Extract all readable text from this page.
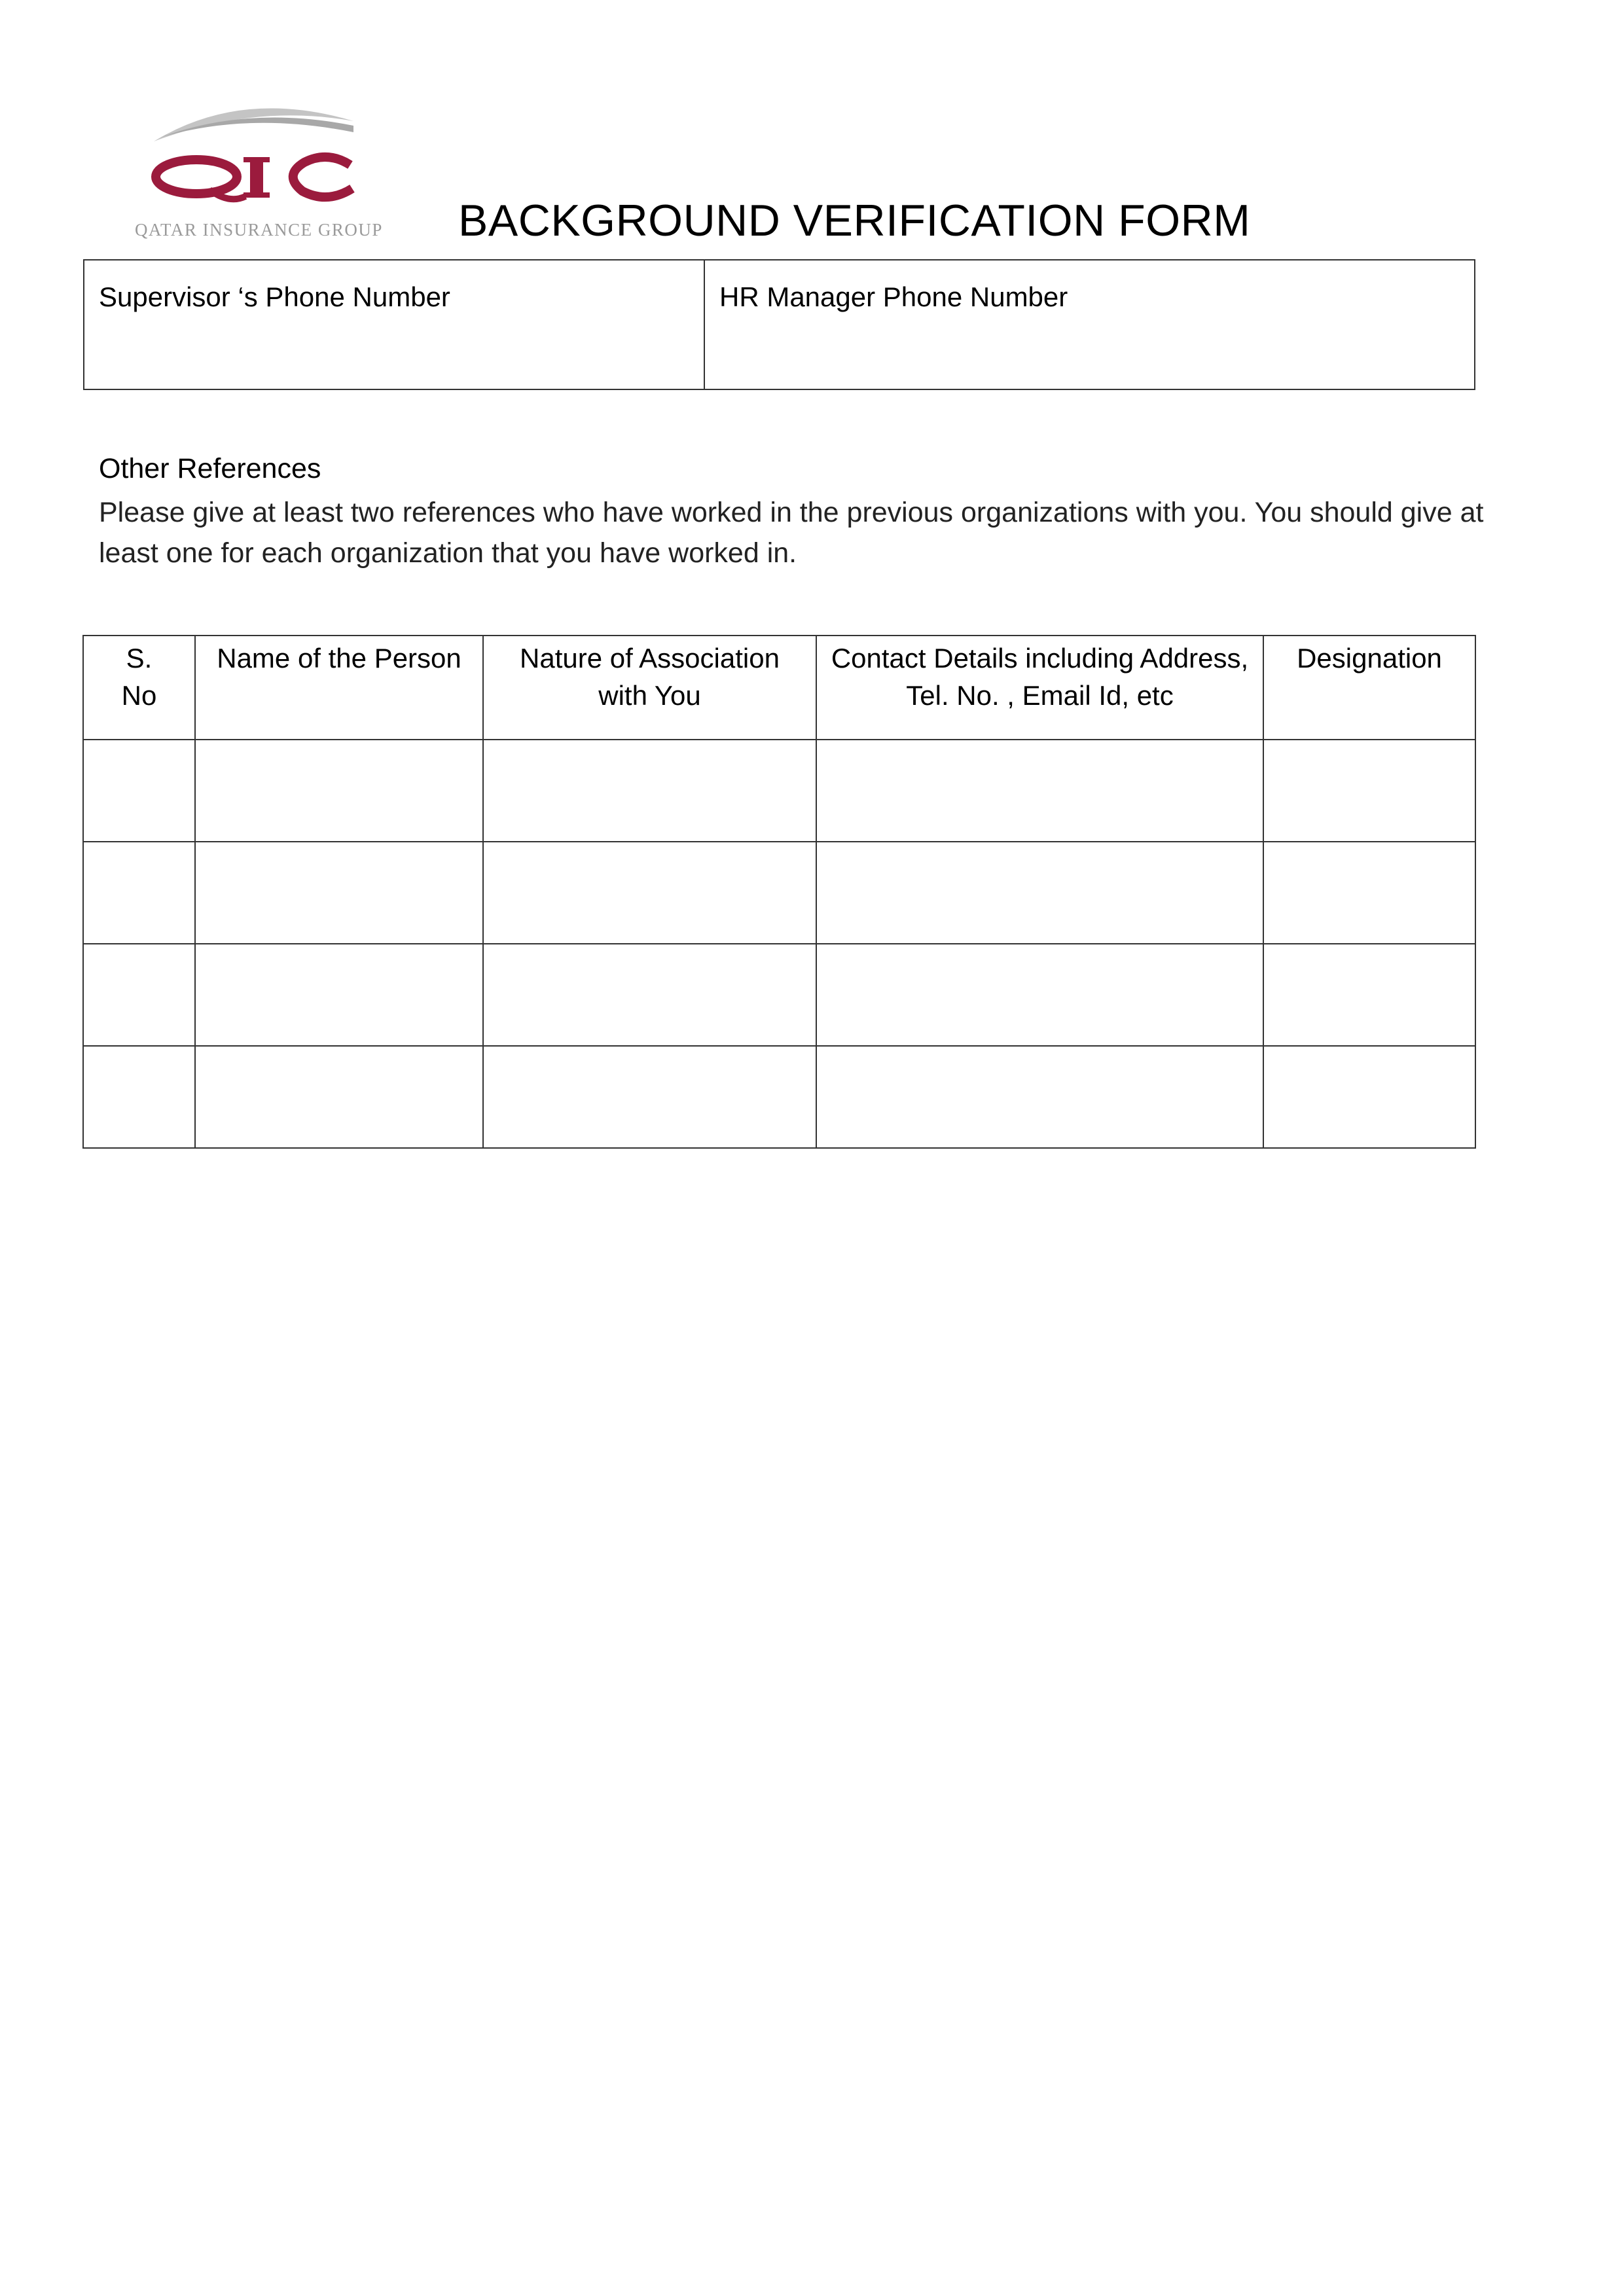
QATAR INSURANCE GROUP BACKGROUND VERIFICATION FORM
Supervisor ‘s Phone Number	HR Manager Phone Number
Other References
Please give at least two references who have worked in the previous organizations with you. You should give at least one for each organization that you have worked in.
S. No	Name of the Person	Nature of Association with You	Contact Details including Address, Tel. No. , Email Id, etc	Designation
